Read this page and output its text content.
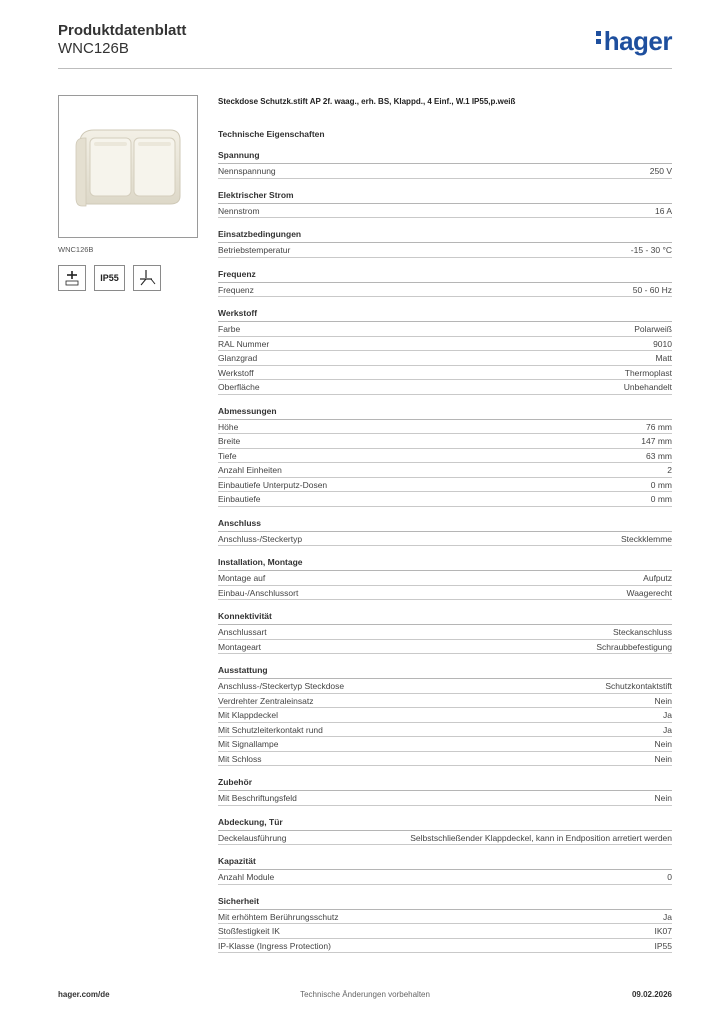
Produktdatenblatt
WNC126B	hager
WNC126B
IP55
Steckdose Schutzk.stift AP 2f. waag., erh. BS, Klappd., 4 Einf., W.1 IP55,p.weiß
Technische Eigenschaften
Spannung
Nennspannung	250 V
Elektrischer Strom
Nennstrom	16 A
Einsatzbedingungen
Betriebstemperatur	-15 - 30 °C
Frequenz
Frequenz	50 - 60 Hz
Werkstoff
Farbe	Polarweiß
RAL Nummer	9010
Glanzgrad	Matt
Werkstoff	Thermoplast
Oberfläche	Unbehandelt
Abmessungen
Höhe	76 mm
Breite	147 mm
Tiefe	63 mm
Anzahl Einheiten	2
Einbautiefe Unterputz-Dosen	0 mm
Einbautiefe	0 mm
Anschluss
Anschluss-/Steckertyp	Steckklemme
Installation, Montage
Montage auf	Aufputz
Einbau-/Anschlussort	Waagerecht
Konnektivität
Anschlussart	Steckanschluss
Montageart	Schraubbefestigung
Ausstattung
Anschluss-/Steckertyp Steckdose	Schutzkontaktstift
Verdrehter Zentraleinsatz	Nein
Mit Klappdeckel	Ja
Mit Schutzleiterkontakt rund	Ja
Mit Signallampe	Nein
Mit Schloss	Nein
Zubehör
Mit Beschriftungsfeld	Nein
Abdeckung, Tür
Deckelausführung	Selbstschließender Klappdeckel, kann in Endposition arretiert werden
Kapazität
Anzahl Module	0
Sicherheit
Mit erhöhtem Berührungsschutz	Ja
Stoßfestigkeit IK	IK07
IP-Klasse (Ingress Protection)	IP55
hager.com/de	Technische Änderungen vorbehalten	09.02.2026
